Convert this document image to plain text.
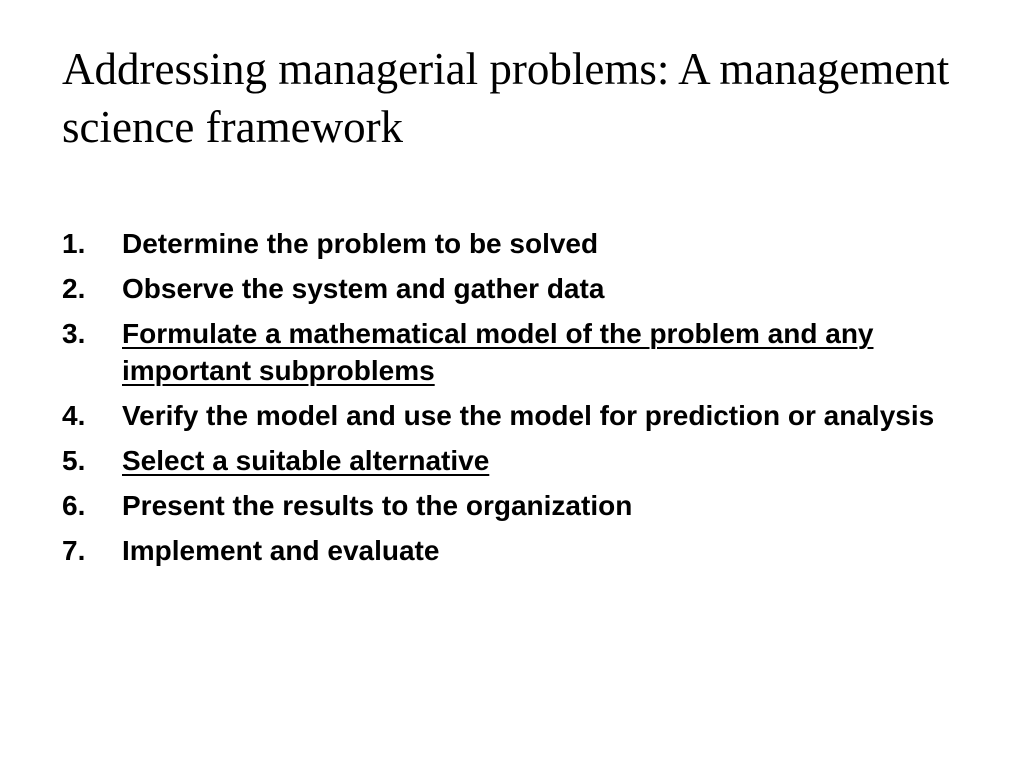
Addressing managerial problems: A management science framework
1.	Determine the problem to be solved
2.	Observe the system and gather data
3.	Formulate a mathematical model of the problem and any important subproblems
4.	Verify the model and use the model for prediction or analysis
5.	Select a suitable alternative
6.	Present the results to the organization
7.	Implement and evaluate
